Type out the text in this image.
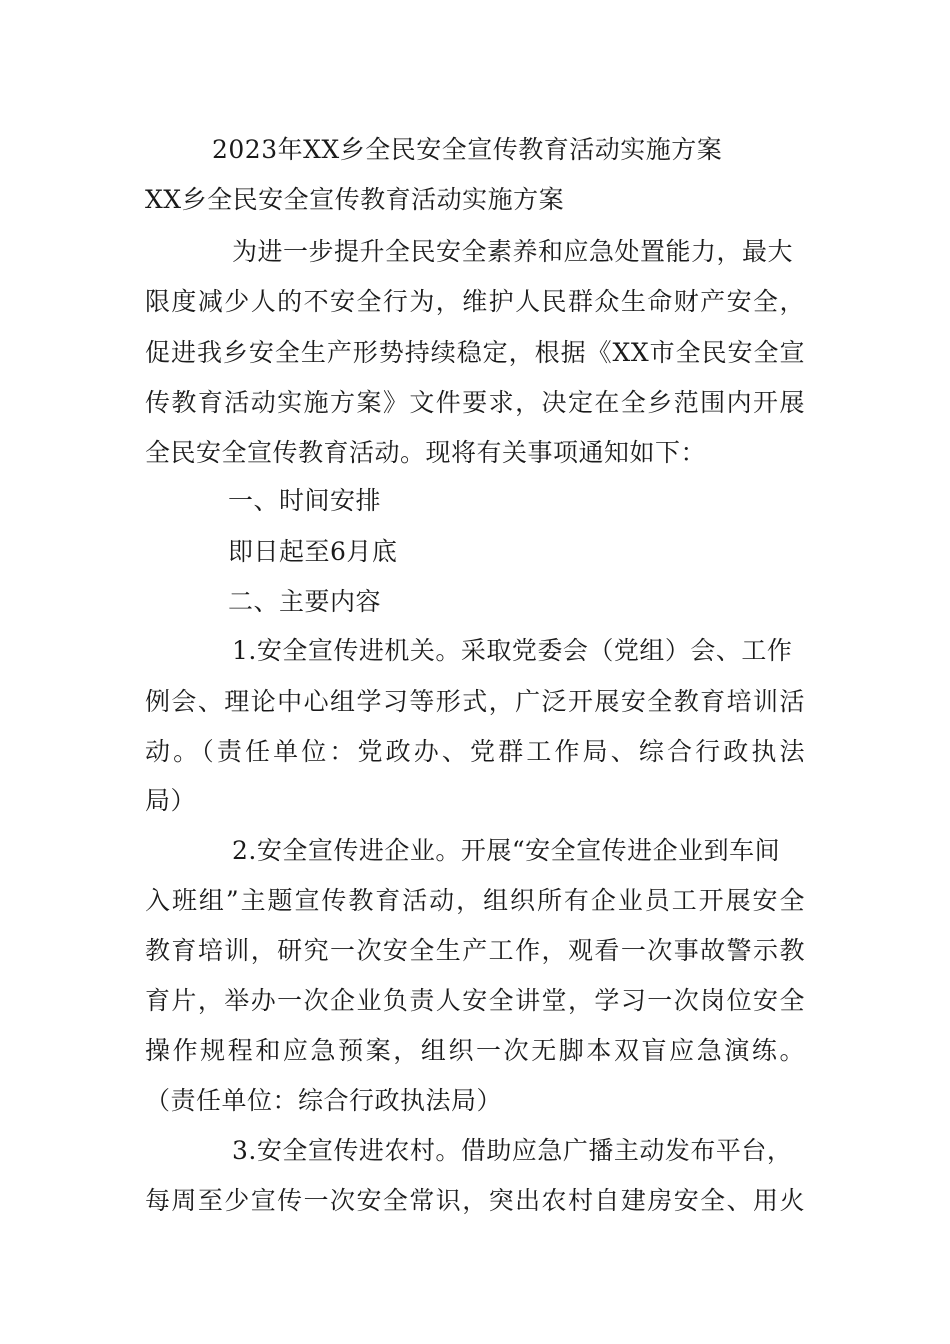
2023年XX乡全民安全宣传教育活动实施方案
XX乡全民安全宣传教育活动实施方案
为进一步提升全民安全素养和应急处置能力，最大
限度减少人的不安全行为，维护人民群众生命财产安全，
促进我乡安全生产形势持续稳定，根据《XX市全民安全宣
传教育活动实施方案》文件要求，决定在全乡范围内开展
全民安全宣传教育活动。现将有关事项通知如下：
一、时间安排
即日起至6月底
二、主要内容
1.安全宣传进机关。采取党委会（党组）会、工作
例会、理论中心组学习等形式，广泛开展安全教育培训活
动。（责任单位：党政办、党群工作局、综合行政执法
局）
2.安全宣传进企业。开展“安全宣传进企业到车间
入班组”主题宣传教育活动，组织所有企业员工开展安全
教育培训，研究一次安全生产工作，观看一次事故警示教
育片，举办一次企业负责人安全讲堂，学习一次岗位安全
操作规程和应急预案，组织一次无脚本双盲应急演练。
（责任单位：综合行政执法局）
3.安全宣传进农村。借助应急广播主动发布平台，
每周至少宣传一次安全常识，突出农村自建房安全、用火
